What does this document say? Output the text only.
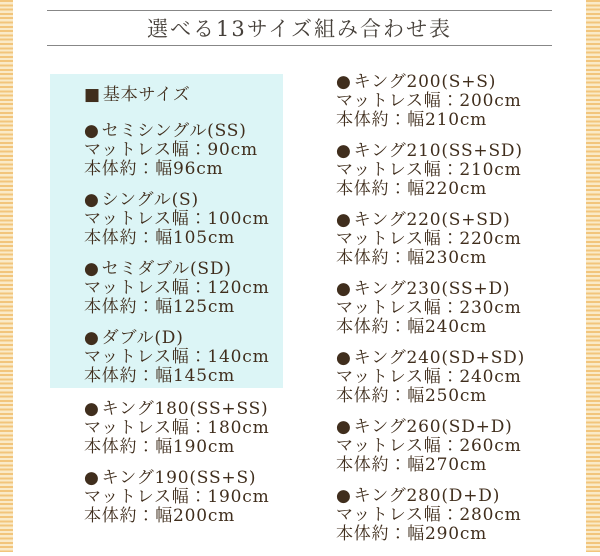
選べる13サイズ組み合わせ表
■ 基本サイズ
● セミシングル(SS)
マットレス幅：90cm
本体約：幅96cm
● シングル(S)
マットレス幅：100cm
本体約：幅105cm
● セミダブル(SD)
マットレス幅：120cm
本体約：幅125cm
● ダブル(D)
マットレス幅：140cm
本体約：幅145cm
● キング180(SS+SS)
マットレス幅：180cm
本体約：幅190cm
● キング190(SS+S)
マットレス幅：190cm
本体約：幅200cm
● キング200(S+S)
マットレス幅：200cm
本体約：幅210cm
● キング210(SS+SD)
マットレス幅：210cm
本体約：幅220cm
● キング220(S+SD)
マットレス幅：220cm
本体約：幅230cm
● キング230(SS+D)
マットレス幅：230cm
本体約：幅240cm
● キング240(SD+SD)
マットレス幅：240cm
本体約：幅250cm
● キング260(SD+D)
マットレス幅：260cm
本体約：幅270cm
● キング280(D+D)
マットレス幅：280cm
本体約：幅290cm
